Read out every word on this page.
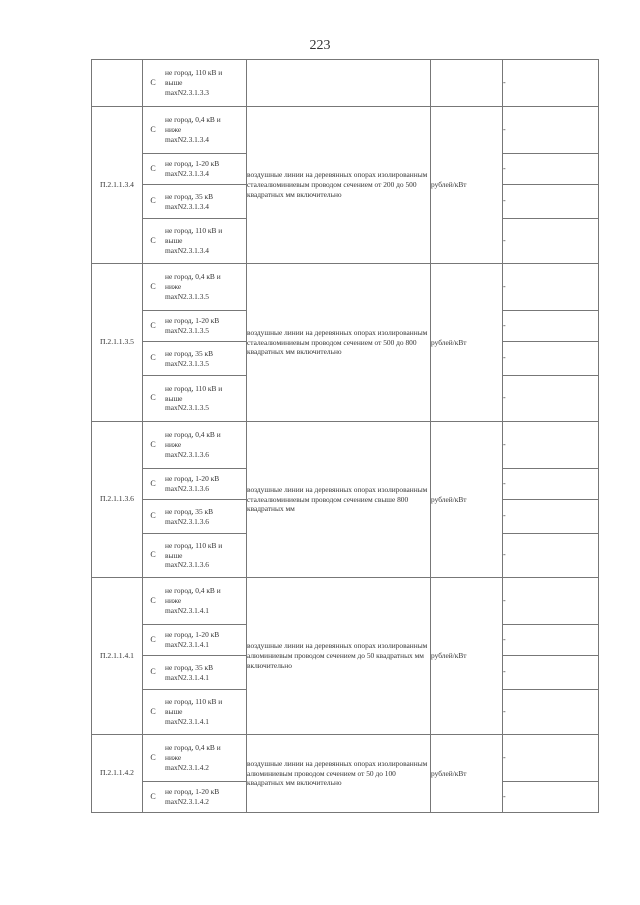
223
	С	не город, 110 кВ и
выше
maxN2.3.1.3.3			-
П.2.1.1.3.4	С	не город, 0,4 кВ и
ниже
maxN2.3.1.3.4	воздушные линии на деревянных опорах изолированным сталеалюминиевым проводом сечением от 200 до 500 квадратных мм включительно	рублей/кВт	-
	С	не город, 1-20 кВ
maxN2.3.1.3.4			-
	С	не город, 35 кВ
maxN2.3.1.3.4			-
	С	не город, 110 кВ и
выше
maxN2.3.1.3.4			-
П.2.1.1.3.5	С	не город, 0,4 кВ и
ниже
maxN2.3.1.3.5	воздушные линии на деревянных опорах изолированным сталеалюминиевым проводом сечением от 500 до 800 квадратных мм включительно	рублей/кВт	-
	С	не город, 1-20 кВ
maxN2.3.1.3.5			-
	С	не город, 35 кВ
maxN2.3.1.3.5			-
	С	не город, 110 кВ и
выше
maxN2.3.1.3.5			-
П.2.1.1.3.6	С	не город, 0,4 кВ и
ниже
maxN2.3.1.3.6	воздушные линии на деревянных опорах изолированным сталеалюминиевым проводом сечением свыше 800 квадратных мм	рублей/кВт	-
	С	не город, 1-20 кВ
maxN2.3.1.3.6			-
	С	не город, 35 кВ
maxN2.3.1.3.6			-
	С	не город, 110 кВ и
выше
maxN2.3.1.3.6			-
П.2.1.1.4.1	С	не город, 0,4 кВ и
ниже
maxN2.3.1.4.1	воздушные линии на деревянных опорах изолированным алюминиевым проводом сечением до 50 квадратных мм включительно	рублей/кВт	-
	С	не город, 1-20 кВ
maxN2.3.1.4.1			-
	С	не город, 35 кВ
maxN2.3.1.4.1			-
	С	не город, 110 кВ и
выше
maxN2.3.1.4.1			-
П.2.1.1.4.2	С	не город, 0,4 кВ и
ниже
maxN2.3.1.4.2	воздушные линии на деревянных опорах изолированным алюминиевым проводом сечением от 50 до 100 квадратных мм включительно	рублей/кВт	-
	С	не город, 1-20 кВ
maxN2.3.1.4.2			-
